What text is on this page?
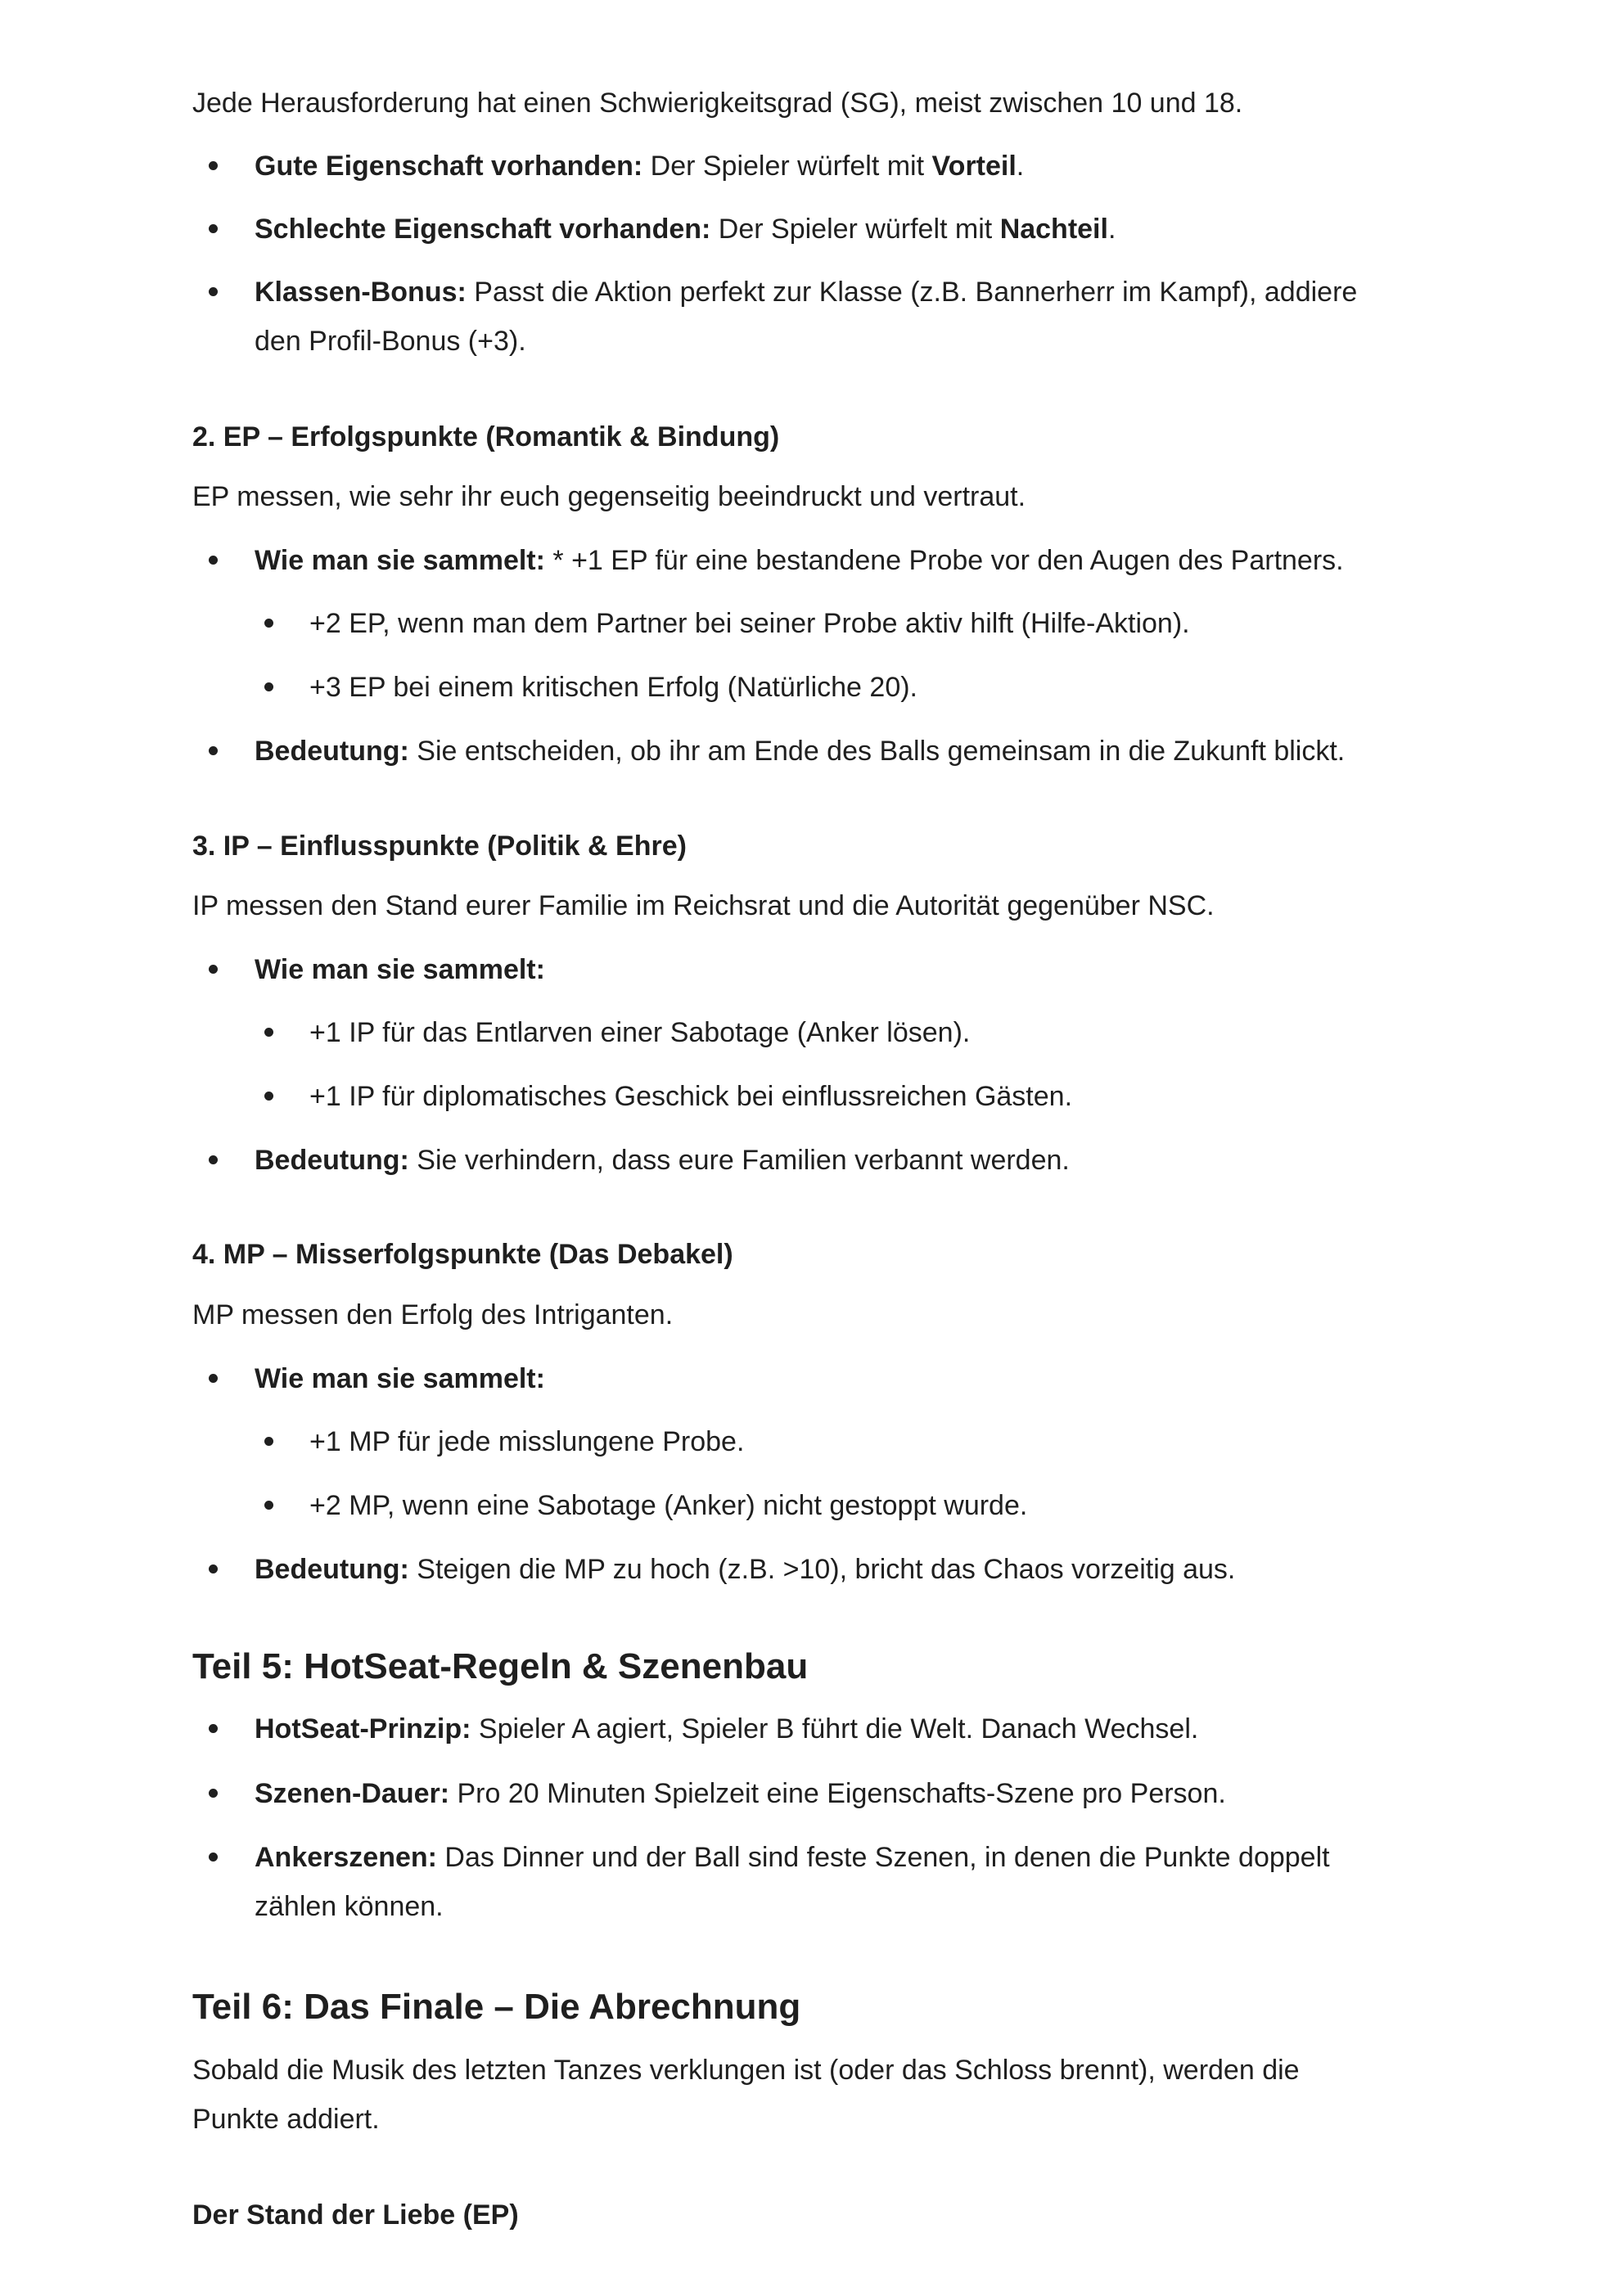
Jede Herausforderung hat einen Schwierigkeitsgrad (SG), meist zwischen 10 und 18.

Gute Eigenschaft vorhanden: Der Spieler würfelt mit Vorteil.
Schlechte Eigenschaft vorhanden: Der Spieler würfelt mit Nachteil.
Klassen-Bonus: Passt die Aktion perfekt zur Klasse (z.B. Bannerherr im Kampf), addiere
den Profil-Bonus (+3).
2. EP – Erfolgspunkte (Romantik & Bindung)

EP messen, wie sehr ihr euch gegenseitig beeindruckt und vertraut.

Wie man sie sammelt: * +1 EP für eine bestandene Probe vor den Augen des Partners.
+2 EP, wenn man dem Partner bei seiner Probe aktiv hilft (Hilfe-Aktion).
+3 EP bei einem kritischen Erfolg (Natürliche 20).
Bedeutung: Sie entscheiden, ob ihr am Ende des Balls gemeinsam in die Zukunft blickt.
3. IP – Einflusspunkte (Politik & Ehre)

IP messen den Stand eurer Familie im Reichsrat und die Autorität gegenüber NSC.

Wie man sie sammelt:
+1 IP für das Entlarven einer Sabotage (Anker lösen).
+1 IP für diplomatisches Geschick bei einflussreichen Gästen.
Bedeutung: Sie verhindern, dass eure Familien verbannt werden.
4. MP – Misserfolgspunkte (Das Debakel)

MP messen den Erfolg des Intriganten.

Wie man sie sammelt:
+1 MP für jede misslungene Probe.
+2 MP, wenn eine Sabotage (Anker) nicht gestoppt wurde.
Bedeutung: Steigen die MP zu hoch (z.B. >10), bricht das Chaos vorzeitig aus.
Teil 5: HotSeat-Regeln & Szenenbau
HotSeat-Prinzip: Spieler A agiert, Spieler B führt die Welt. Danach Wechsel.
Szenen-Dauer: Pro 20 Minuten Spielzeit eine Eigenschafts-Szene pro Person.
Ankerszenen: Das Dinner und der Ball sind feste Szenen, in denen die Punkte doppelt
zählen können.
Teil 6: Das Finale – Die Abrechnung

Sobald die Musik des letzten Tanzes verklungen ist (oder das Schloss brennt), werden die

Punkte addiert.

Der Stand der Liebe (EP)
